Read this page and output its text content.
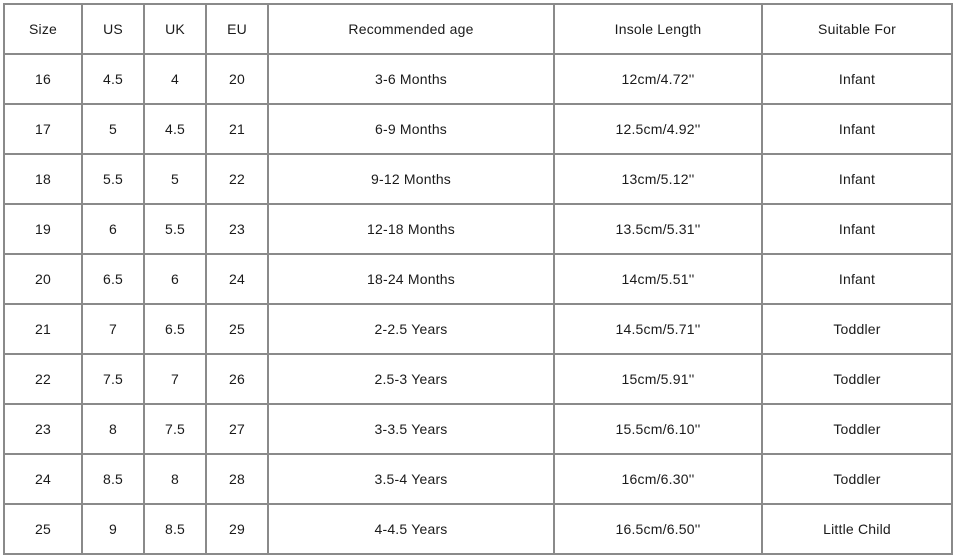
Size	US	UK	EU	Recommended age	Insole Length	Suitable For
16	4.5	4	20	3-6 Months	12cm/4.72''	Infant
17	5	4.5	21	6-9 Months	12.5cm/4.92''	Infant
18	5.5	5	22	9-12 Months	13cm/5.12''	Infant
19	6	5.5	23	12-18 Months	13.5cm/5.31''	Infant
20	6.5	6	24	18-24 Months	14cm/5.51''	Infant
21	7	6.5	25	2-2.5 Years	14.5cm/5.71''	Toddler
22	7.5	7	26	2.5-3 Years	15cm/5.91''	Toddler
23	8	7.5	27	3-3.5 Years	15.5cm/6.10''	Toddler
24	8.5	8	28	3.5-4 Years	16cm/6.30''	Toddler
25	9	8.5	29	4-4.5 Years	16.5cm/6.50''	Little Child
